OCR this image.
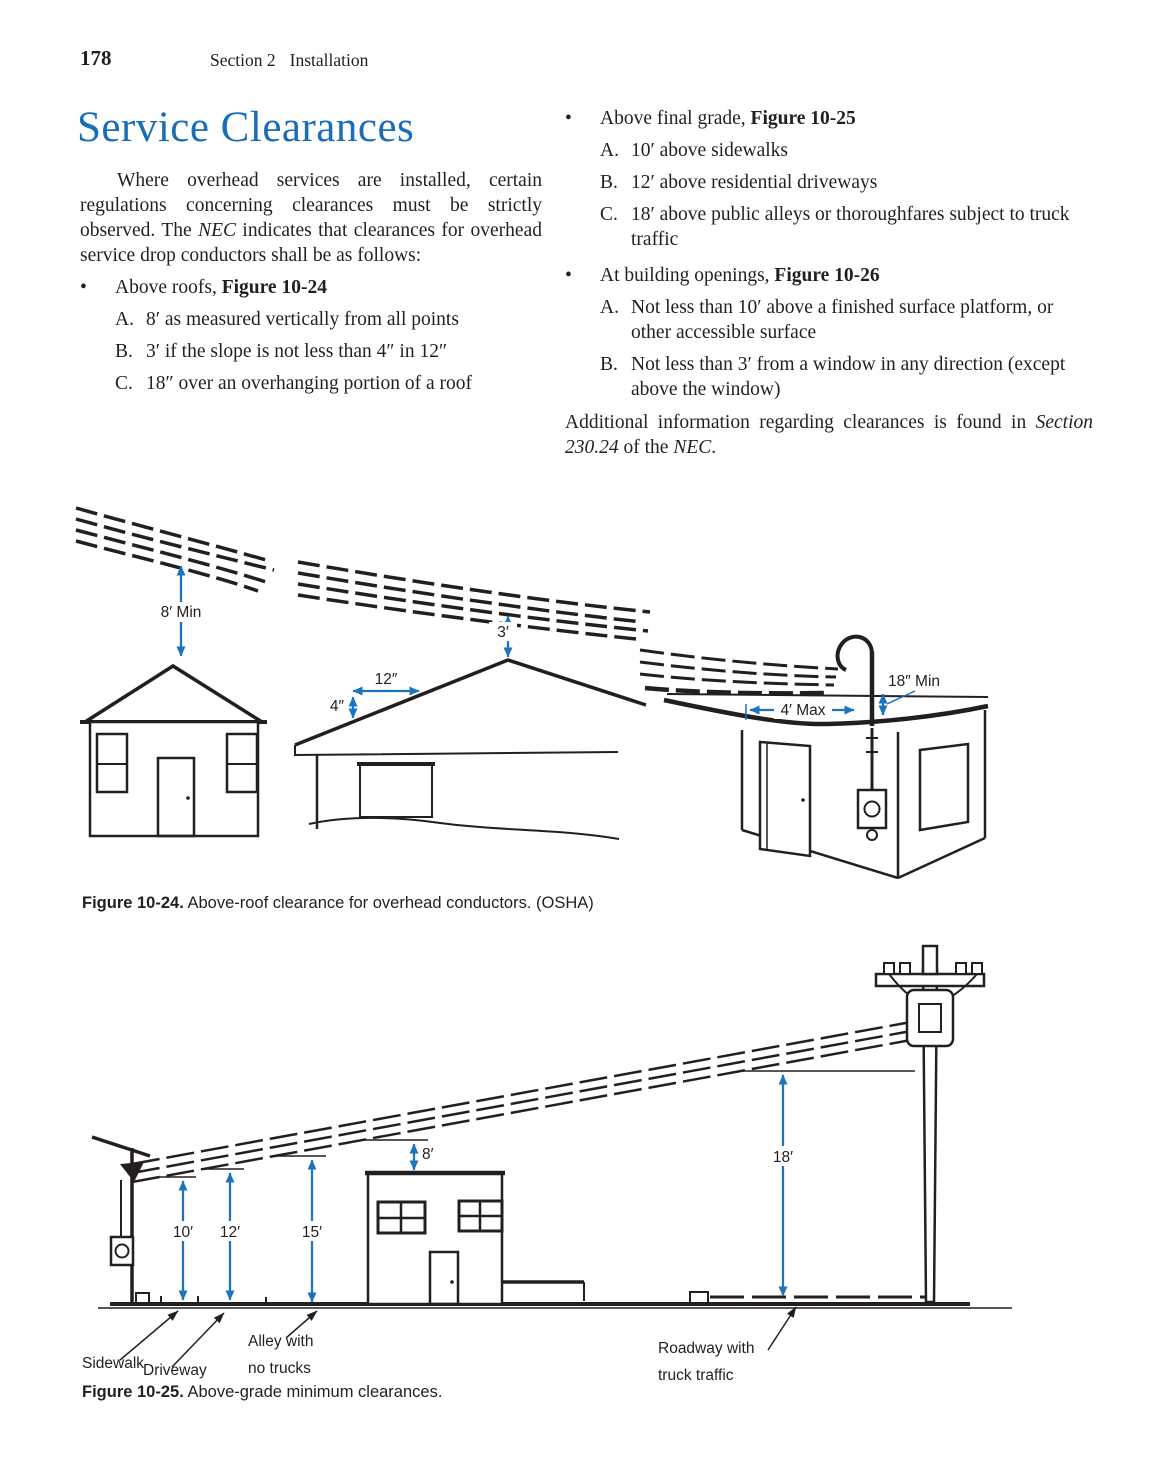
178	Section 2 Installation
Service Clearances

Where overhead services are installed, certain regulations concerning clearances must be strictly observed. The NEC indicates that clearances for overhead service drop conductors shall be as follows:

•	Above roofs, Figure 10-24
A. 8′ as measured vertically from all points
B. 3′ if the slope is not less than 4″ in 12″
C. 18″ over an overhanging portion of a roof
•	Above final grade, Figure 10-25
A. 10′ above sidewalks
B. 12′ above residential driveways
C. 18′ above public alleys or thoroughfares subject to truck traffic
•	At building openings, Figure 10-26
A. Not less than 10′ above a finished surface platform, or other accessible surface
B. Not less than 3′ from a window in any direction (except above the window)

Additional information regarding clearances is found in Section 230.24 of the NEC.

8′ Min
3′
12″
4″
18″ Min
4′ Max
Figure 10-24. Above-roof clearance for overhead conductors. (OSHA)
10′ 12′	15′
8′	18′
Sidewalk
Driveway
Alley with
no trucks
Roadway with
truck traffic
Figure 10-25. Above-grade minimum clearances.
